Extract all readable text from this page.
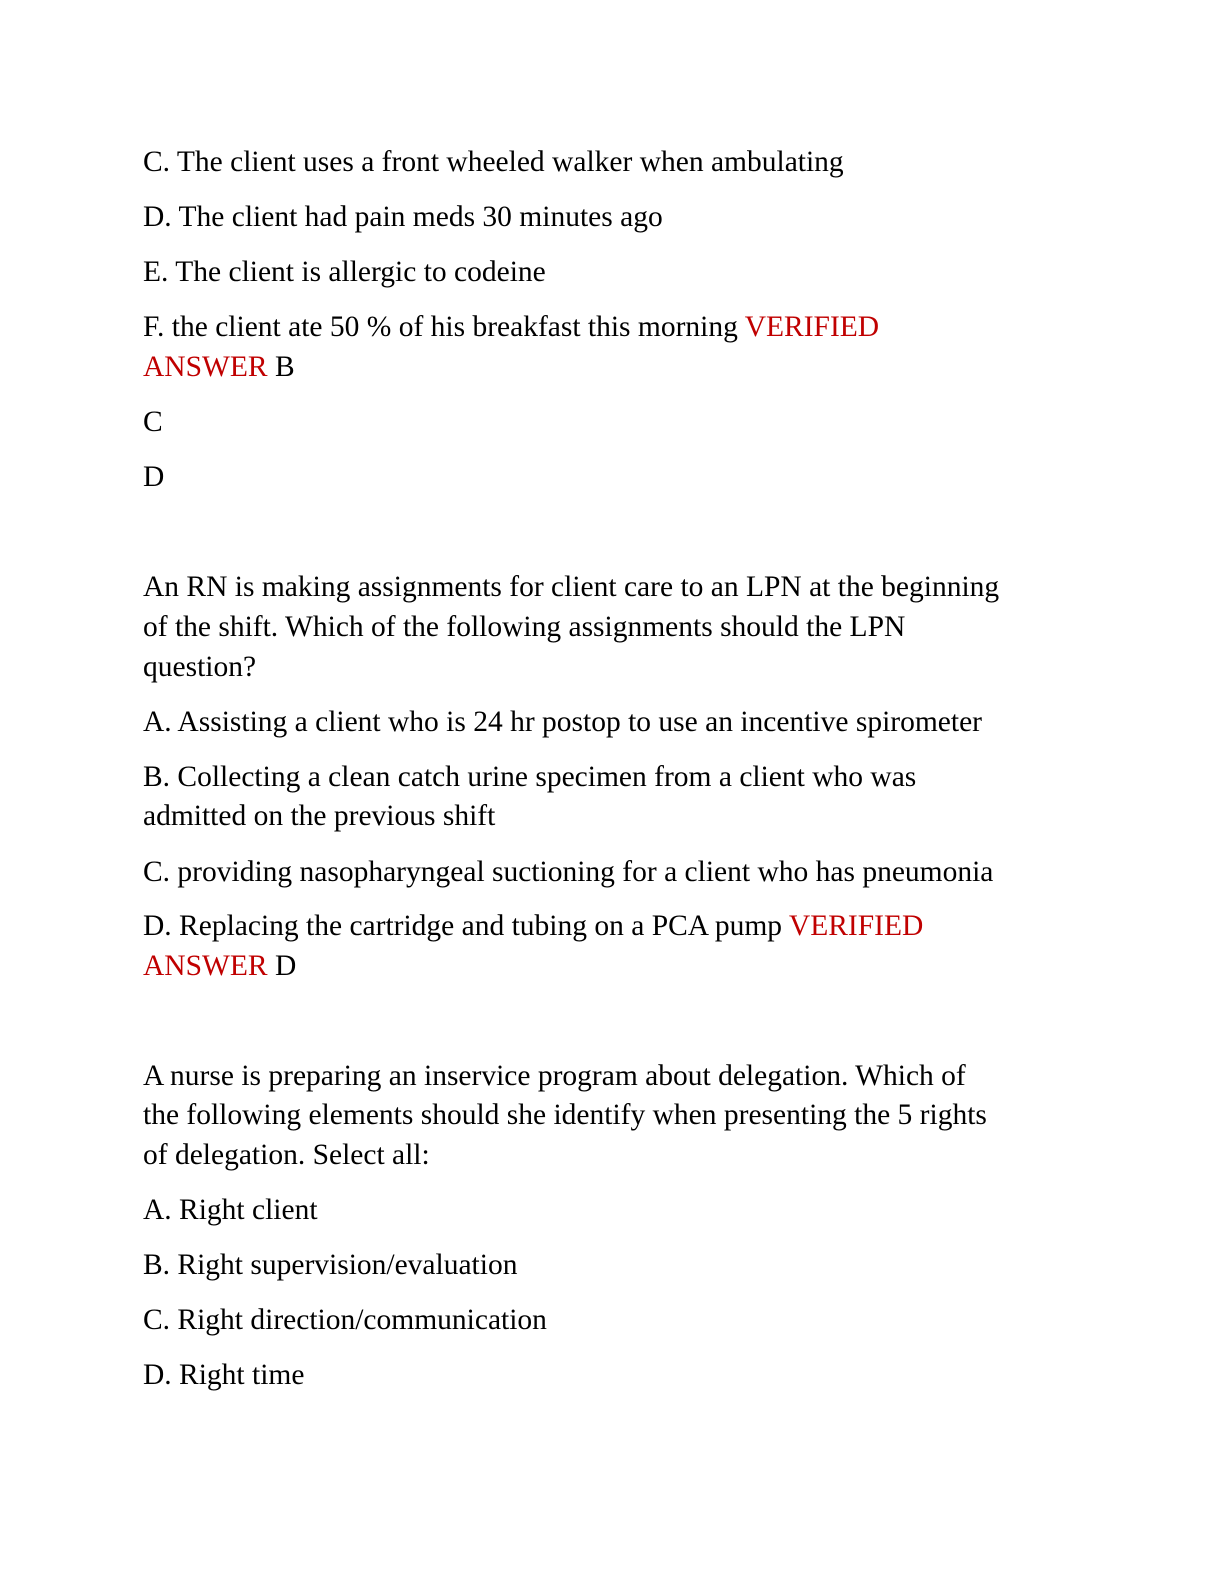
C. The client uses a front wheeled walker when ambulating

D. The client had pain meds 30 minutes ago

E. The client is allergic to codeine

F. the client ate 50 % of his breakfast this morning VERIFIED

ANSWER B

C

D

An RN is making assignments for client care to an LPN at the beginning

of the shift. Which of the following assignments should the LPN

question?

A. Assisting a client who is 24 hr postop to use an incentive spirometer

B. Collecting a clean catch urine specimen from a client who was

admitted on the previous shift

C. providing nasopharyngeal suctioning for a client who has pneumonia

D. Replacing the cartridge and tubing on a PCA pump VERIFIED

ANSWER D

A nurse is preparing an inservice program about delegation. Which of

the following elements should she identify when presenting the 5 rights

of delegation. Select all:

A. Right client

B. Right supervision/evaluation

C. Right direction/communication

D. Right time
